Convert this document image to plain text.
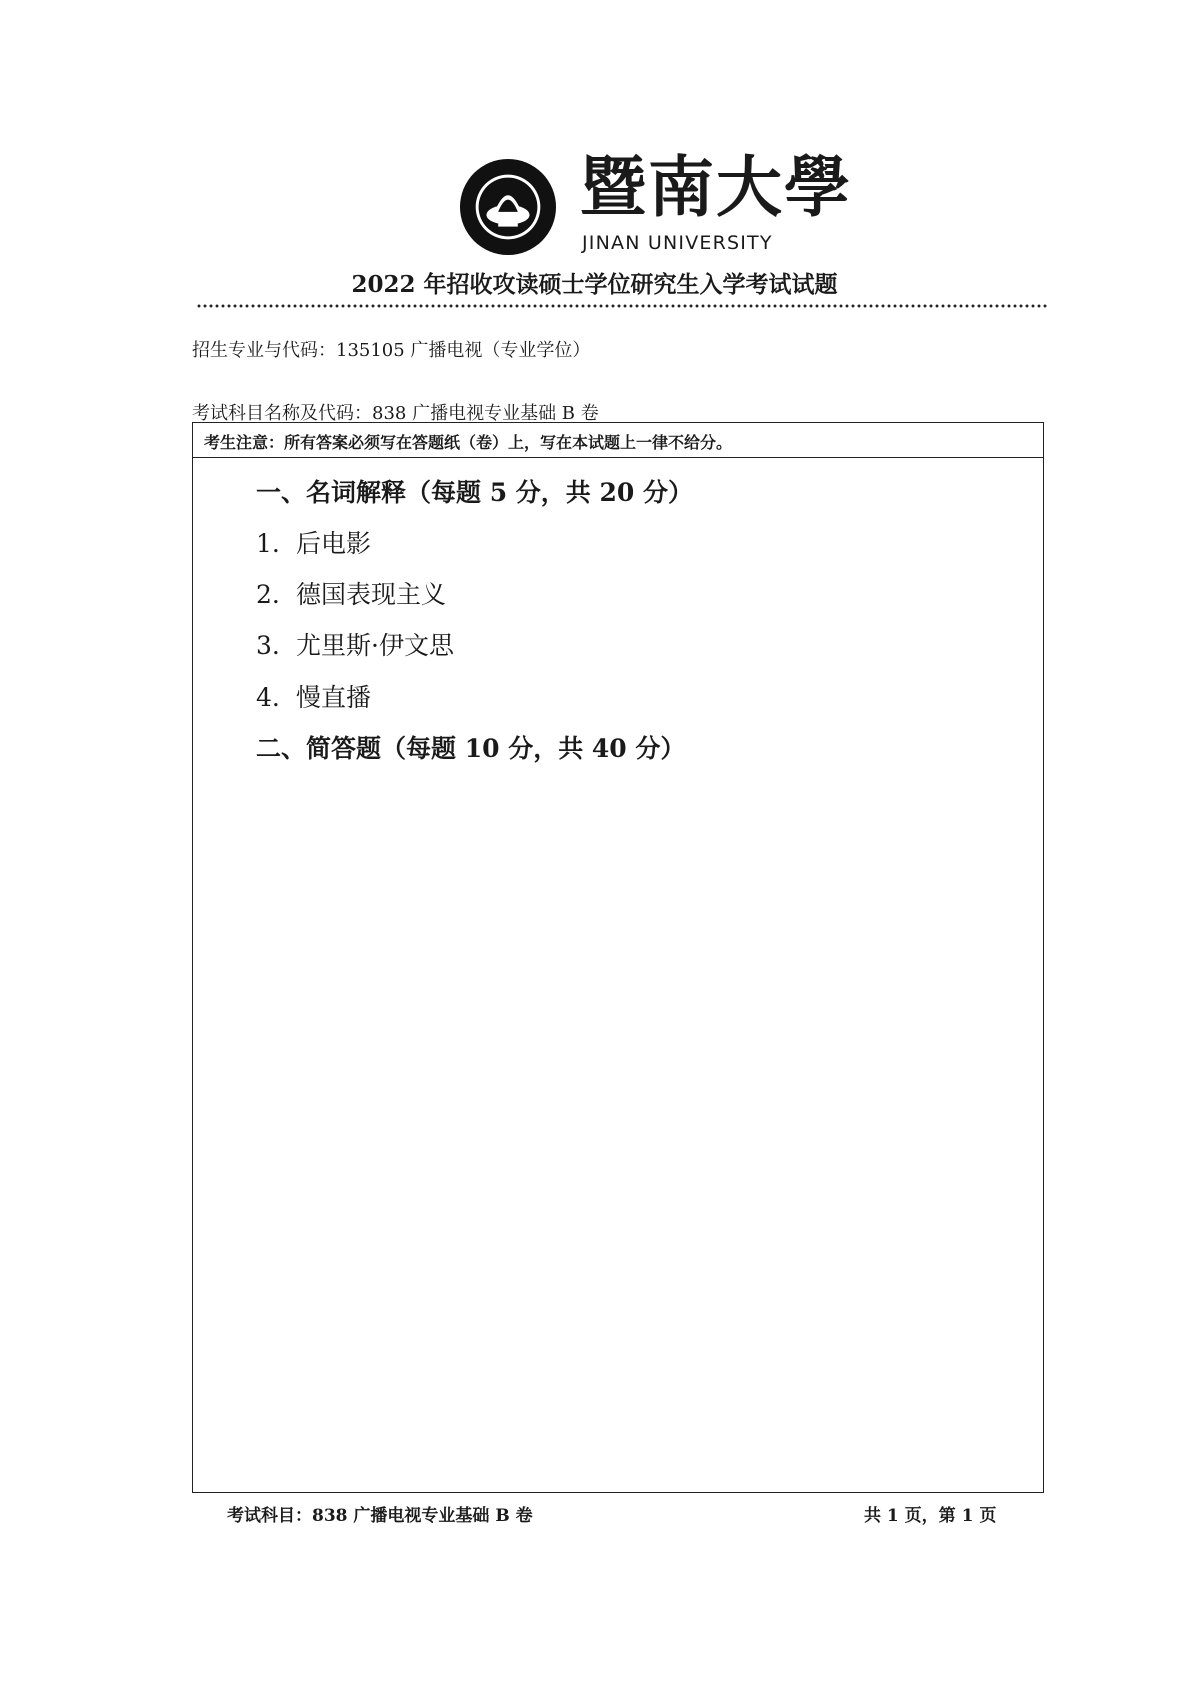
暨南大學
JINAN UNIVERSITY
2022 年招收攻读硕士学位研究生入学考试试题
招生专业与代码：135105 广播电视（专业学位）
考试科目名称及代码：838 广播电视专业基础 B 卷
考生注意：所有答案必须写在答题纸（卷）上，写在本试题上一律不给分。
一、名词解释（每题 5 分，共 20 分）
1. 后电影
2. 德国表现主义
3. 尤里斯·伊文思
4. 慢直播
二、简答题（每题 10 分，共 40 分）
考试科目：838 广播电视专业基础 B 卷	共 1 页，第 1 页
